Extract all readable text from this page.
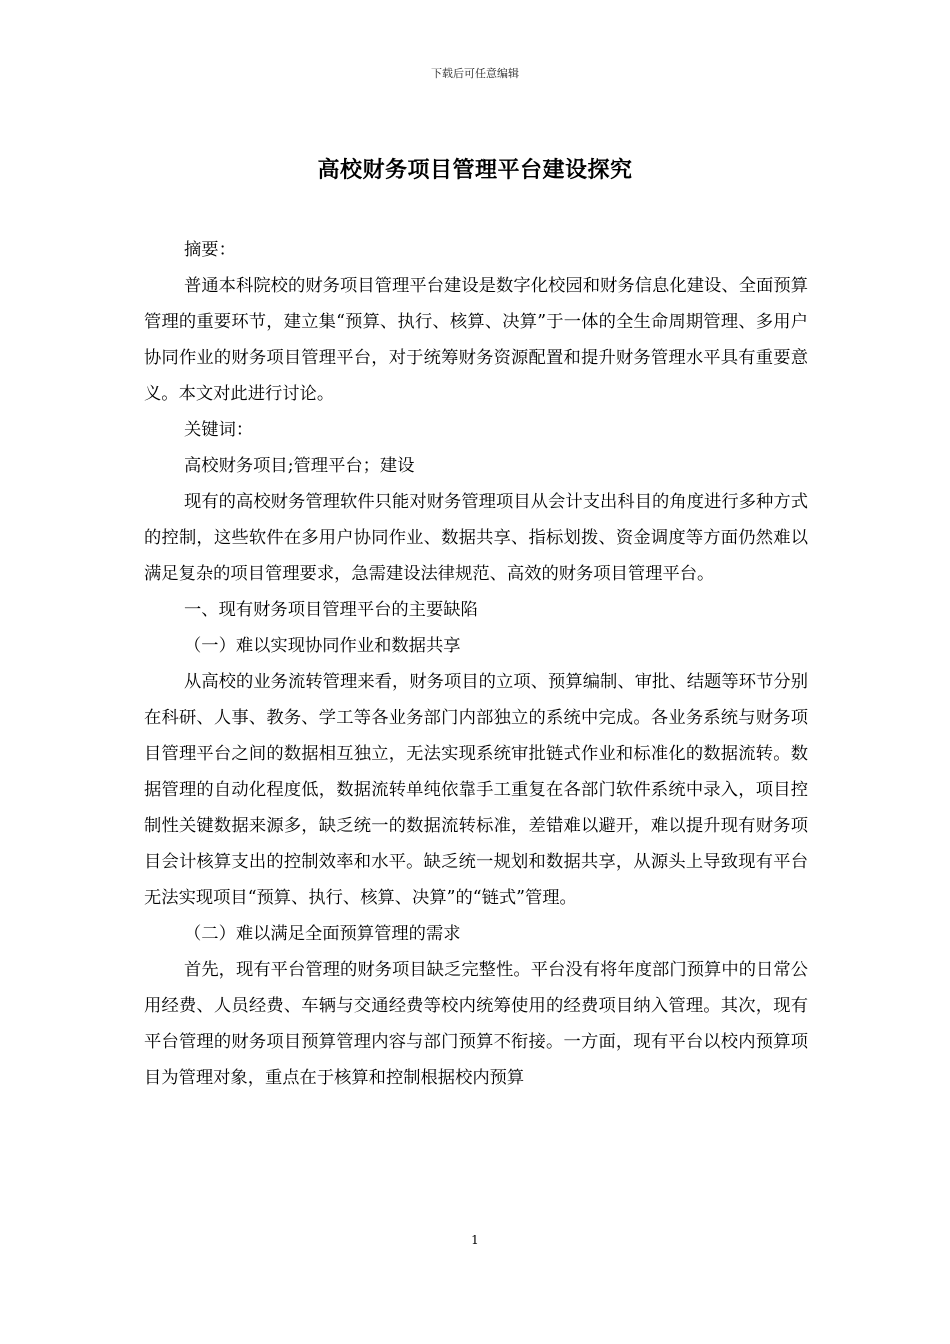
下载后可任意编辑
高校财务项目管理平台建设探究

摘要：

普通本科院校的财务项目管理平台建设是数字化校园和财务信息化建设、全面预算管理的重要环节，建立集“预算、执行、核算、决算”于一体的全生命周期管理、多用户协同作业的财务项目管理平台，对于统筹财务资源配置和提升财务管理水平具有重要意义。本文对此进行讨论。

关键词：

高校财务项目;管理平台；建设

现有的高校财务管理软件只能对财务管理项目从会计支出科目的角度进行多种方式的控制，这些软件在多用户协同作业、数据共享、指标划拨、资金调度等方面仍然难以满足复杂的项目管理要求，急需建设法律规范、高效的财务项目管理平台。

一、现有财务项目管理平台的主要缺陷

（一）难以实现协同作业和数据共享

从高校的业务流转管理来看，财务项目的立项、预算编制、审批、结题等环节分别在科研、人事、教务、学工等各业务部门内部独立的系统中完成。各业务系统与财务项目管理平台之间的数据相互独立，无法实现系统审批链式作业和标准化的数据流转。数据管理的自动化程度低，数据流转单纯依靠手工重复在各部门软件系统中录入，项目控制性关键数据来源多，缺乏统一的数据流转标准，差错难以避开，难以提升现有财务项目会计核算支出的控制效率和水平。缺乏统一规划和数据共享，从源头上导致现有平台无法实现项目“预算、执行、核算、决算”的“链式”管理。

（二）难以满足全面预算管理的需求

首先，现有平台管理的财务项目缺乏完整性。平台没有将年度部门预算中的日常公用经费、人员经费、车辆与交通经费等校内统筹使用的经费项目纳入管理。其次，现有平台管理的财务项目预算管理内容与部门预算不衔接。一方面，现有平台以校内预算项目为管理对象，重点在于核算和控制根据校内预算

1
